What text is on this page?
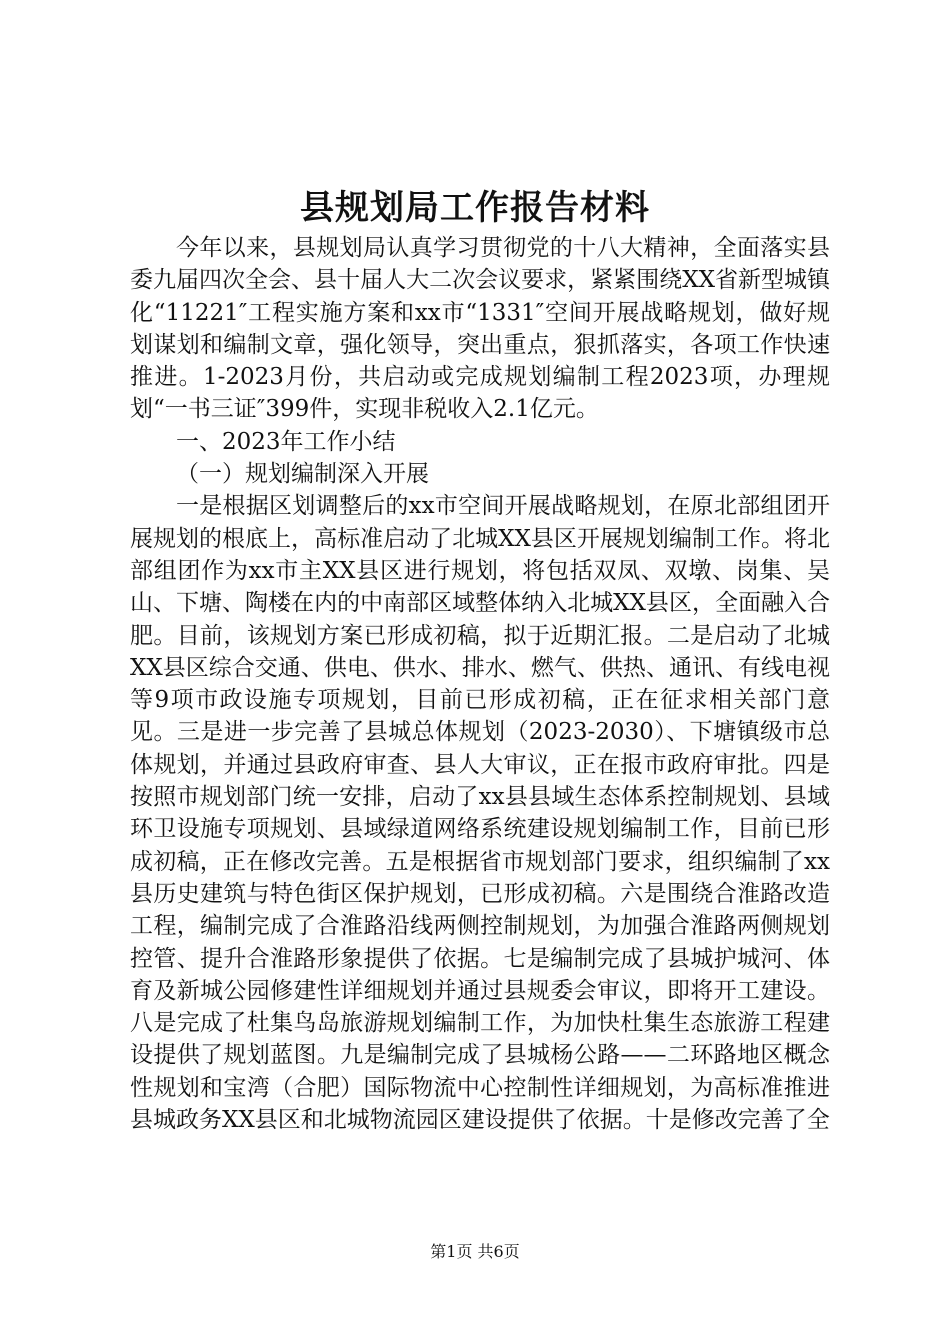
县规划局工作报告材料

今年以来，县规划局认真学习贯彻党的十八大精神，全面落实县委九届四次全会、县十届人大二次会议要求，紧紧围绕XX省新型城镇化“11221″工程实施方案和xx市“1331″空间开展战略规划，做好规划谋划和编制文章，强化领导，突出重点，狠抓落实，各项工作快速推进。1-2023月份，共启动或完成规划编制工程2023项，办理规划“一书三证″399件，实现非税收入2.1亿元。

一、2023年工作小结

（一）规划编制深入开展

一是根据区划调整后的xx市空间开展战略规划，在原北部组团开展规划的根底上，高标准启动了北城XX县区开展规划编制工作。将北部组团作为xx市主XX县区进行规划，将包括双凤、双墩、岗集、吴山、下塘、陶楼在内的中南部区域整体纳入北城XX县区，全面融入合肥。目前，该规划方案已形成初稿，拟于近期汇报。二是启动了北城XX县区综合交通、供电、供水、排水、燃气、供热、通讯、有线电视等9项市政设施专项规划，目前已形成初稿，正在征求相关部门意见。三是进一步完善了县城总体规划（2023-2030）、下塘镇级市总体规划，并通过县政府审查、县人大审议，正在报市政府审批。四是按照市规划部门统一安排，启动了xx县县域生态体系控制规划、县域环卫设施专项规划、县域绿道网络系统建设规划编制工作，目前已形成初稿，正在修改完善。五是根据省市规划部门要求，组织编制了xx县历史建筑与特色街区保护规划，已形成初稿。六是围绕合淮路改造工程，编制完成了合淮路沿线两侧控制规划，为加强合淮路两侧规划控管、提升合淮路形象提供了依据。七是编制完成了县城护城河、体育及新城公园修建性详细规划并通过县规委会审议，即将开工建设。八是完成了杜集鸟岛旅游规划编制工作，为加快杜集生态旅游工程建设提供了规划蓝图。九是编制完成了县城杨公路——二环路地区概念性规划和宝湾（合肥）国际物流中心控制性详细规划，为高标准推进县城政务XX县区和北城物流园区建设提供了依据。十是修改完善了全

第1页 共6页
